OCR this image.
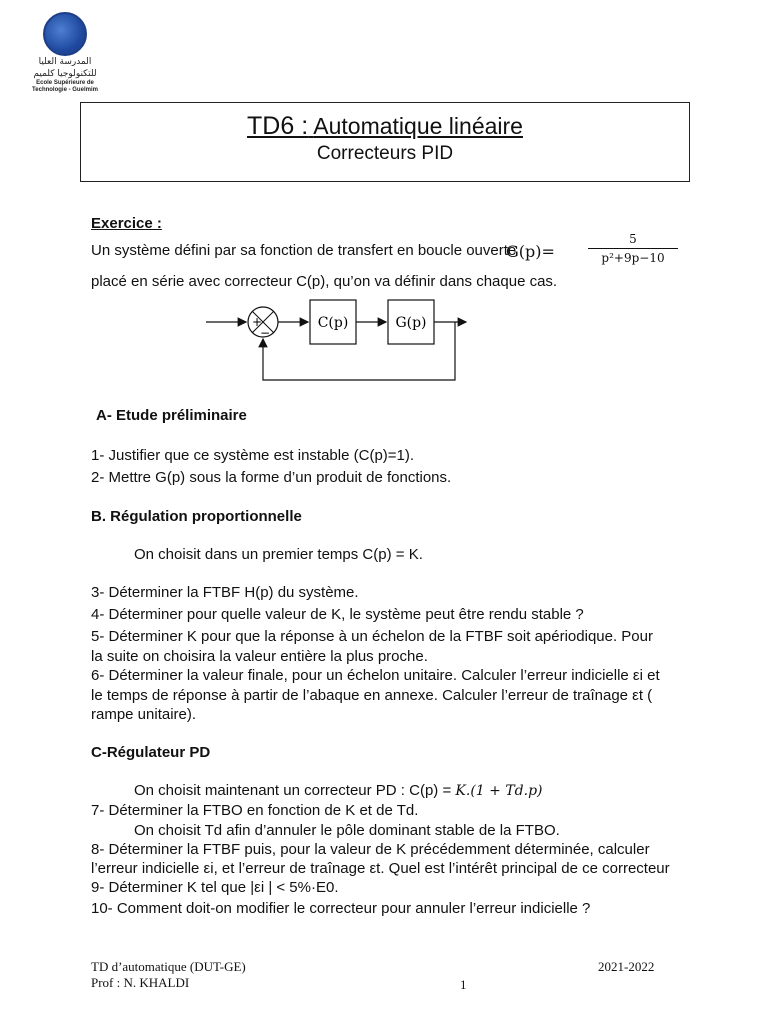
المدرسة العليا
للتكنولوجيا كلميم
Ecole Supérieure de
Technologie - Guelmim
TD6 : Automatique linéaire
Correcteurs PID
Exercice :
Un système défini par sa fonction de transfert en boucle ouverte
G(p)=
5
p²+9p−10
placé en série avec correcteur C(p), qu’on va définir dans chaque cas.
+
−
C(p)	G(p)
A- Etude préliminaire
1- Justifier que ce système est instable (C(p)=1).
2- Mettre G(p) sous la forme d’un produit de fonctions.
B. Régulation proportionnelle
On choisit dans un premier temps C(p) = K.
3- Déterminer la FTBF H(p) du système.
4- Déterminer pour quelle valeur de K, le système peut être rendu stable ?
5- Déterminer K pour que la réponse à un échelon de la FTBF soit apériodique. Pour
la suite on choisira la valeur entière la plus proche.
6- Déterminer la valeur finale, pour un échelon unitaire. Calculer l’erreur indicielle εi et
le temps de réponse à partir de l’abaque en annexe. Calculer l’erreur de traînage εt (
rampe unitaire).
C-Régulateur PD
On choisit maintenant un correcteur PD : C(p) = K.(1 + Td.p)
7- Déterminer la FTBO en fonction de K et de Td.
On choisit Td afin d’annuler le pôle dominant stable de la FTBO.
8- Déterminer la FTBF puis, pour la valeur de K précédemment déterminée, calculer
l’erreur indicielle εi, et l’erreur de traînage εt. Quel est l’intérêt principal de ce correcteur
9- Déterminer K tel que |εi | < 5%·E0.
10- Comment doit-on modifier le correcteur pour annuler l’erreur indicielle ?
TD d’automatique (DUT-GE)	2021-2022
Prof : N. KHALDI	1
